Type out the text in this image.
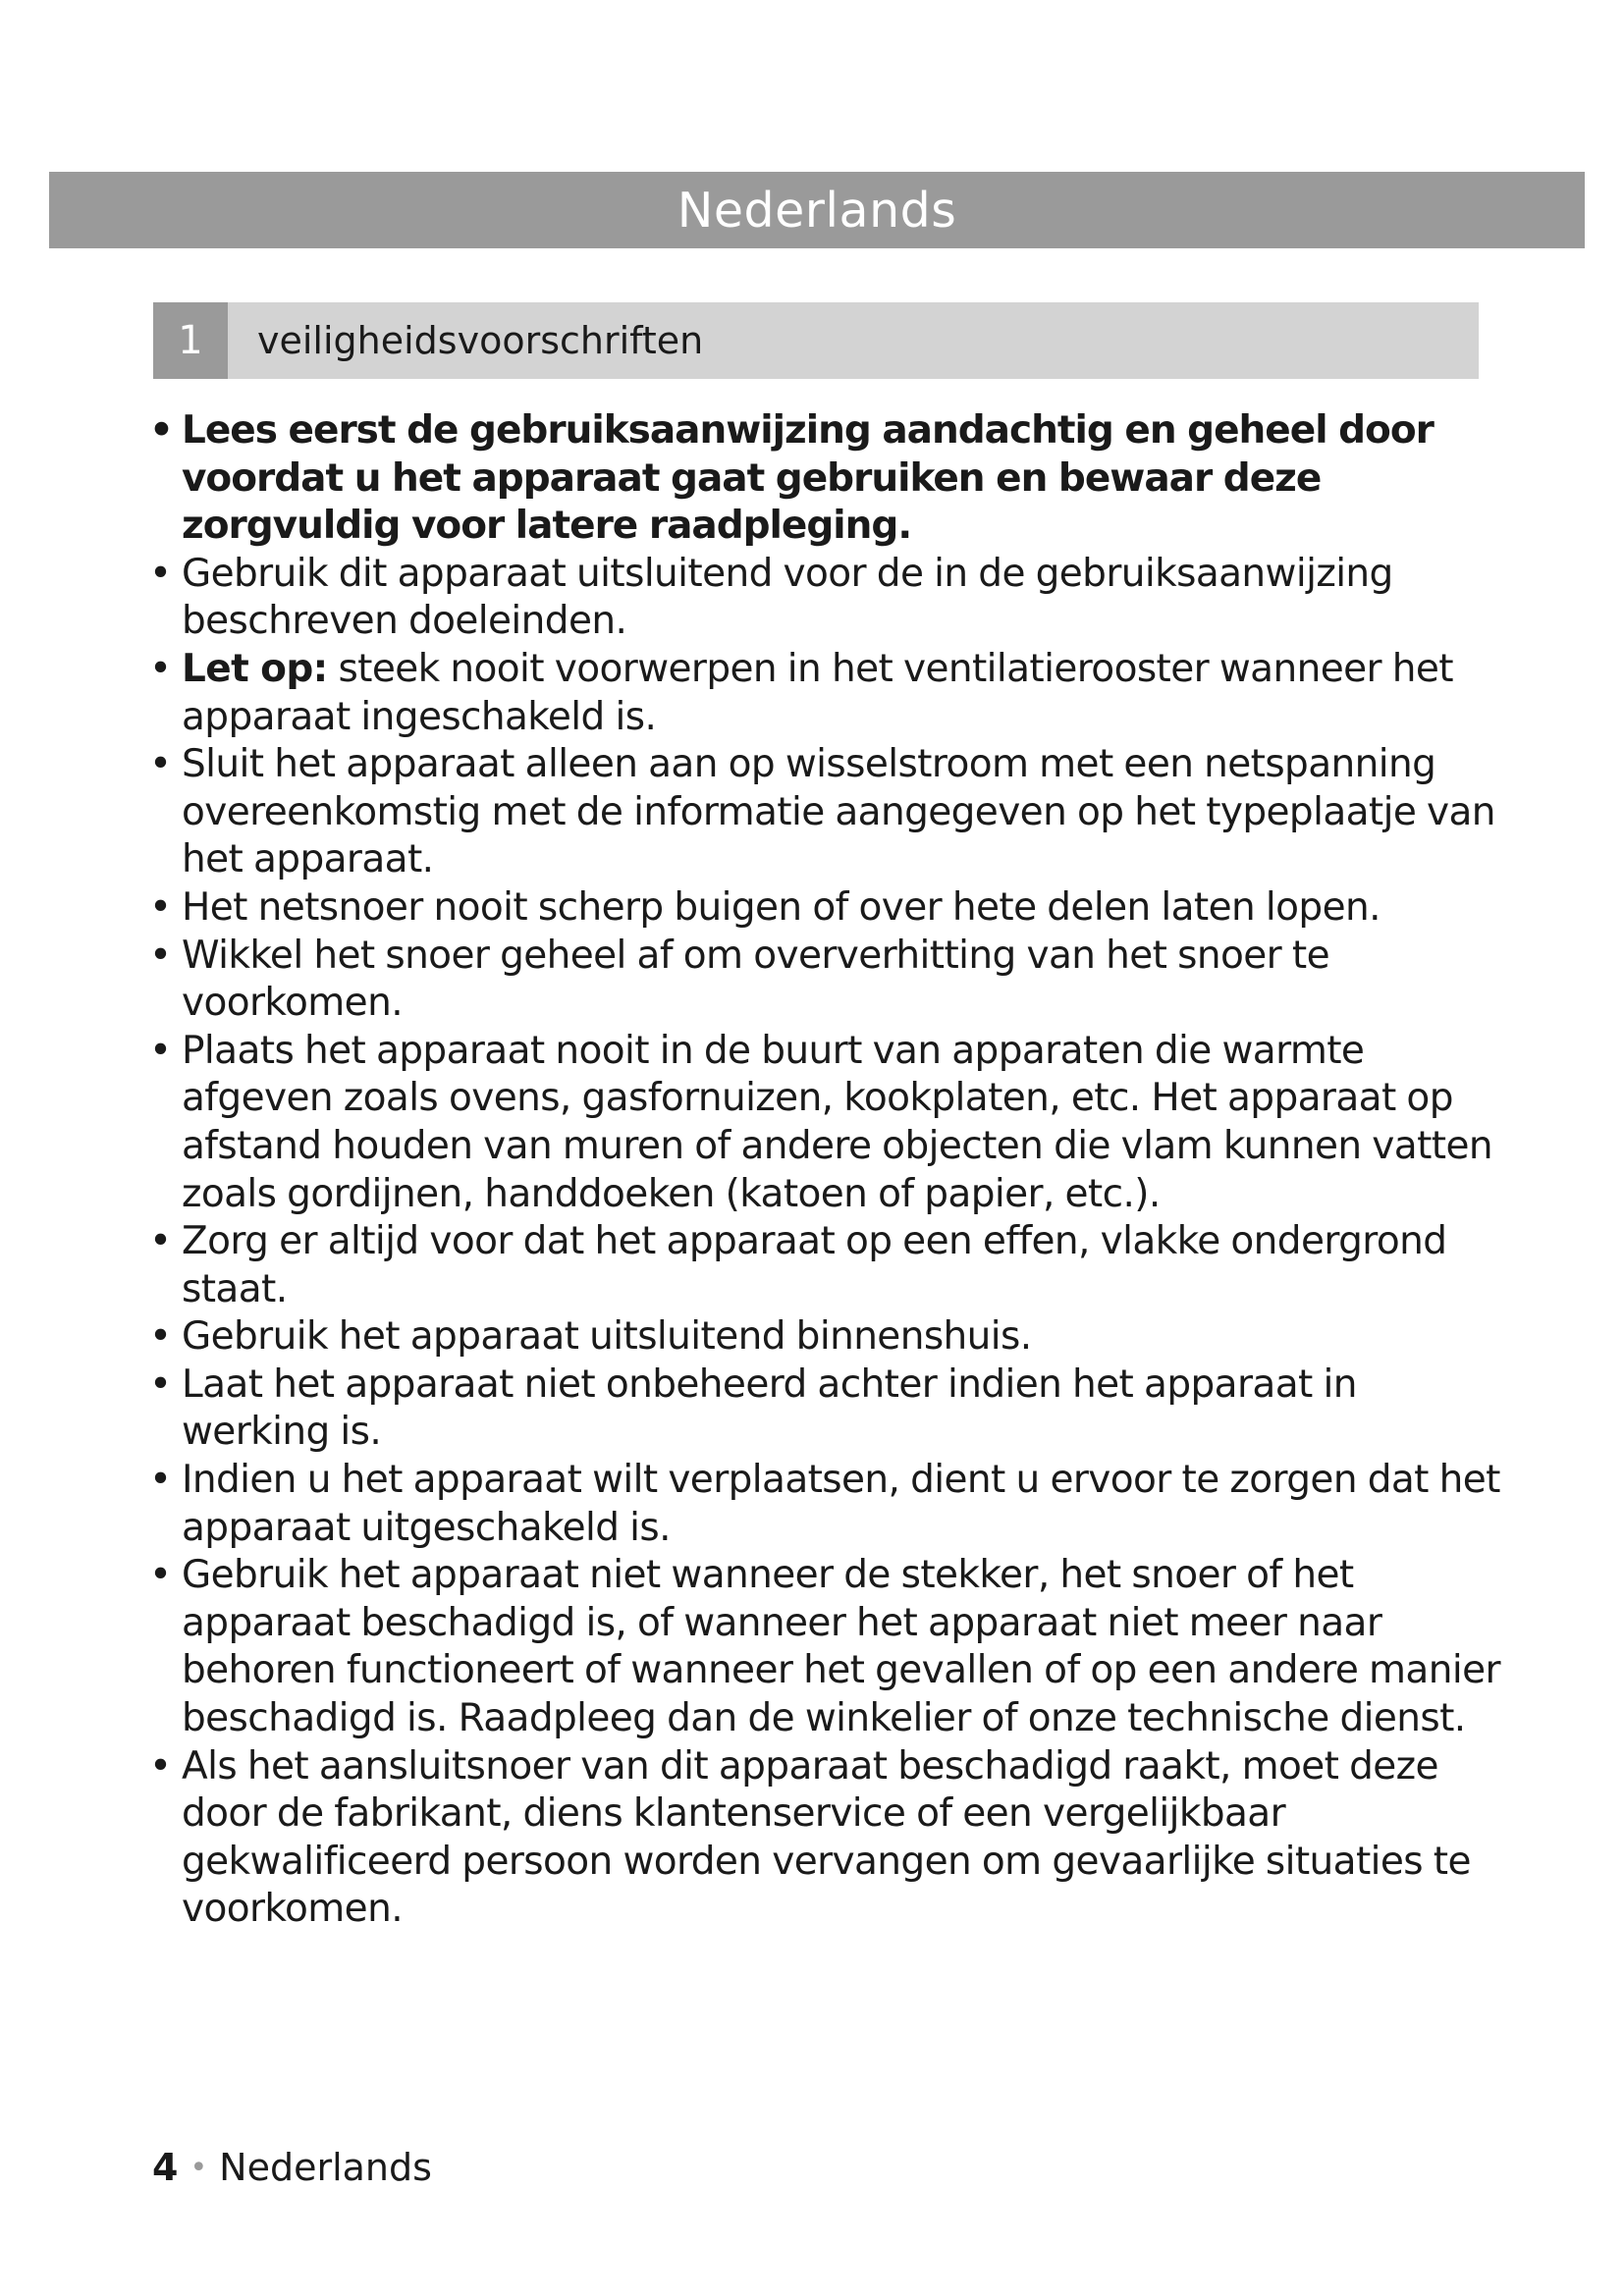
Nederlands
1	veiligheidsvoorschriften
• Lees eerst de gebruiksaanwijzing aandachtig en geheel door voordat u het apparaat gaat gebruiken en bewaar deze zorgvuldig voor latere raadpleging.
• Gebruik dit apparaat uitsluitend voor de in de gebruiksaanwijzing beschreven doeleinden.
• Let op: steek nooit voorwerpen in het ventilatierooster wanneer het apparaat ingeschakeld is.
• Sluit het apparaat alleen aan op wisselstroom met een netspanning overeenkomstig met de informatie aangegeven op het typeplaatje van het apparaat.
• Het netsnoer nooit scherp buigen of over hete delen laten lopen.
• Wikkel het snoer geheel af om oververhitting van het snoer te voorkomen.
• Plaats het apparaat nooit in de buurt van apparaten die warmte afgeven zoals ovens, gasfornuizen, kookplaten, etc. Het apparaat op afstand houden van muren of andere objecten die vlam kunnen vatten zoals gordijnen, handdoeken (katoen of papier, etc.).
• Zorg er altijd voor dat het apparaat op een effen, vlakke ondergrond staat.
• Gebruik het apparaat uitsluitend binnenshuis.
• Laat het apparaat niet onbeheerd achter indien het apparaat in werking is.
• Indien u het apparaat wilt verplaatsen, dient u ervoor te zorgen dat het apparaat uitgeschakeld is.
• Gebruik het apparaat niet wanneer de stekker, het snoer of het apparaat beschadigd is, of wanneer het apparaat niet meer naar behoren functioneert of wanneer het gevallen of op een andere manier beschadigd is. Raadpleeg dan de winkelier of onze technische dienst.
• Als het aansluitsnoer van dit apparaat beschadigd raakt, moet deze door de fabrikant, diens klantenservice of een vergelijkbaar gekwalificeerd persoon worden vervangen om gevaarlijke situaties te voorkomen.
4 • Nederlands
